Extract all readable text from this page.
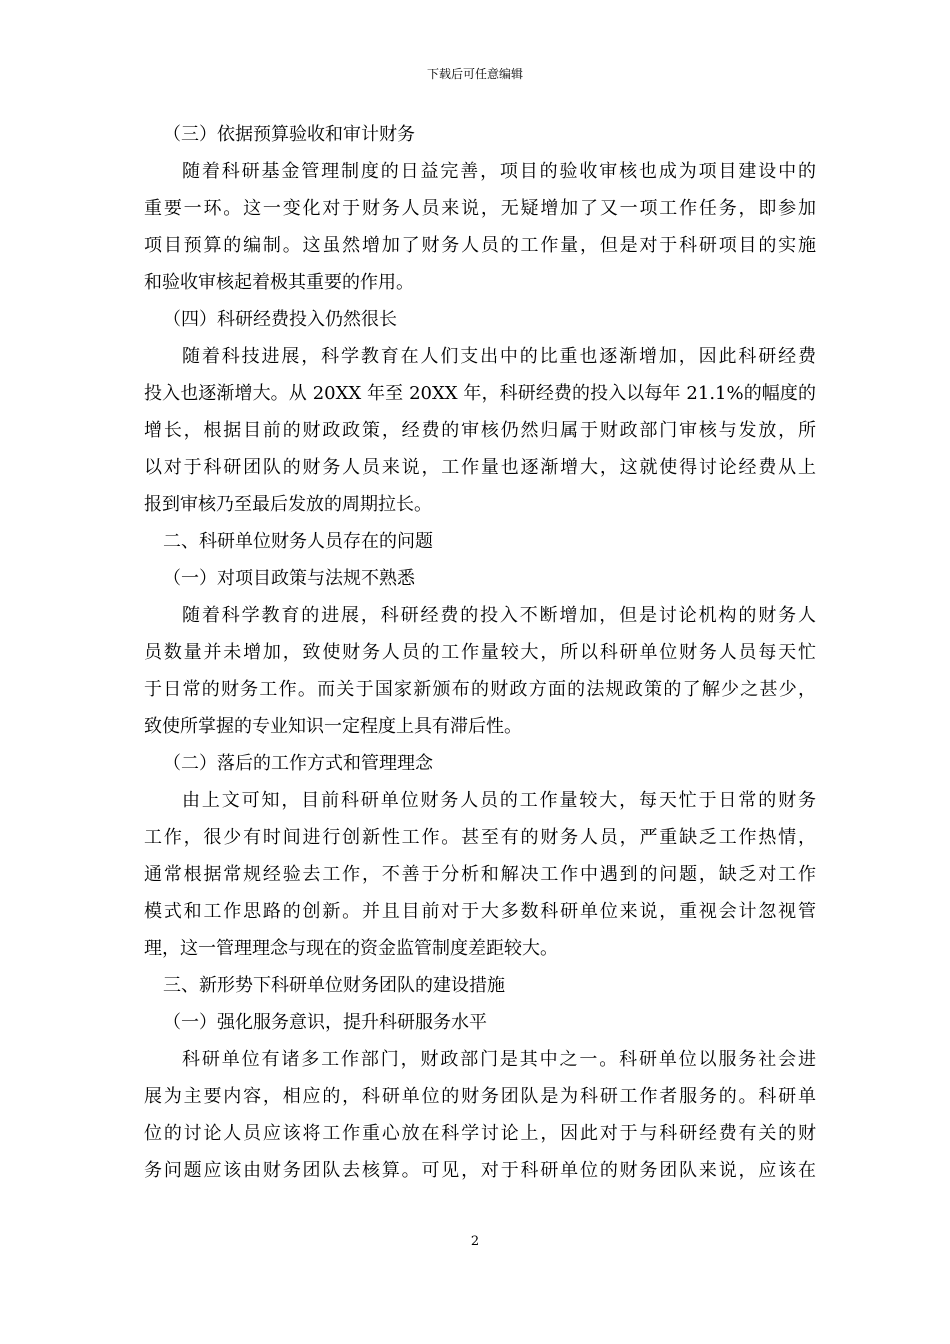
下载后可任意编辑
（三）依据预算验收和审计财务
随着科研基金管理制度的日益完善，项目的验收审核也成为项目建设中的
重要一环。这一变化对于财务人员来说，无疑增加了又一项工作任务，即参加
项目预算的编制。这虽然增加了财务人员的工作量，但是对于科研项目的实施
和验收审核起着极其重要的作用。
（四）科研经费投入仍然很长
随着科技进展，科学教育在人们支出中的比重也逐渐增加，因此科研经费
投入也逐渐增大。从 20XX 年至 20XX 年，科研经费的投入以每年 21.1%的幅度的
增长，根据目前的财政政策，经费的审核仍然归属于财政部门审核与发放，所
以对于科研团队的财务人员来说，工作量也逐渐增大，这就使得讨论经费从上
报到审核乃至最后发放的周期拉长。
二、科研单位财务人员存在的问题
（一）对项目政策与法规不熟悉
随着科学教育的进展，科研经费的投入不断增加，但是讨论机构的财务人
员数量并未增加，致使财务人员的工作量较大，所以科研单位财务人员每天忙
于日常的财务工作。而关于国家新颁布的财政方面的法规政策的了解少之甚少，
致使所掌握的专业知识一定程度上具有滞后性。
（二）落后的工作方式和管理理念
由上文可知，目前科研单位财务人员的工作量较大，每天忙于日常的财务
工作，很少有时间进行创新性工作。甚至有的财务人员，严重缺乏工作热情，
通常根据常规经验去工作，不善于分析和解决工作中遇到的问题，缺乏对工作
模式和工作思路的创新。并且目前对于大多数科研单位来说，重视会计忽视管
理，这一管理理念与现在的资金监管制度差距较大。
三、新形势下科研单位财务团队的建设措施
（一）强化服务意识，提升科研服务水平
科研单位有诸多工作部门，财政部门是其中之一。科研单位以服务社会进
展为主要内容，相应的，科研单位的财务团队是为科研工作者服务的。科研单
位的讨论人员应该将工作重心放在科学讨论上，因此对于与科研经费有关的财
务问题应该由财务团队去核算。可见，对于科研单位的财务团队来说，应该在
2
